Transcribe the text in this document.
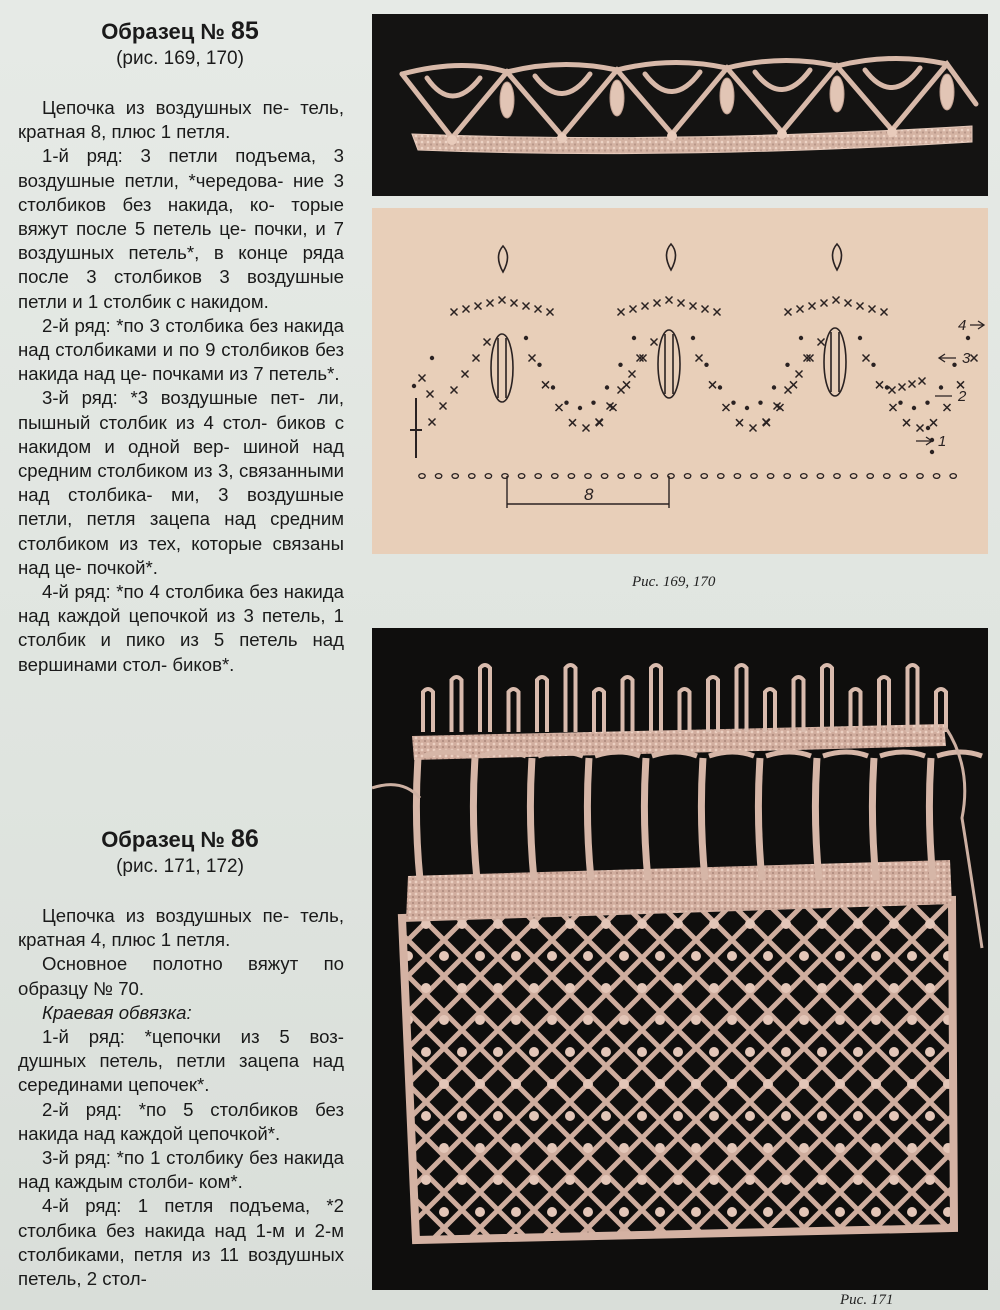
Образец № 85
(рис. 169, 170)

Цепочка из воздушных пе- тель, кратная 8, плюс 1 петля.

1-й ряд: 3 петли подъема, 3 воздушные петли, *чередова- ние 3 столбиков без накида, ко- торые вяжут после 5 петель це- почки, и 7 воздушных петель*, в конце ряда после 3 столбиков 3 воздушные петли и 1 столбик с накидом.

2-й ряд: *по 3 столбика без накида над столбиками и по 9 столбиков без накида над це- почками из 7 петель*.

3-й ряд: *3 воздушные пет- ли, пышный столбик из 4 стол- биков с накидом и одной вер- шиной над средним столбиком из 3, связанными над столбика- ми, 3 воздушные петли, петля зацепа над средним столбиком из тех, которые связаны над це- почкой*.

4-й ряд: *по 4 столбика без накида над каждой цепочкой из 3 петель, 1 столбик и пико из 5 петель над вершинами стол- биков*.

Образец № 86
(рис. 171, 172)

Цепочка из воздушных пе- тель, кратная 4, плюс 1 петля.

Основное полотно вяжут по образцу № 70.

Краевая обвязка:

1-й ряд: *цепочки из 5 воз- душных петель, петли зацепа над серединами цепочек*.

2-й ряд: *по 5 столбиков без накида над каждой цепочкой*.

3-й ряд: *по 1 столбику без накида над каждым столби- ком*.

4-й ряд: 1 петля подъема, *2 столбика без накида над 1-м и 2-м столбиками, петля из 11 воздушных петель, 2 стол-

8
1
2
3
4
Рис. 169, 170
Рис. 171
